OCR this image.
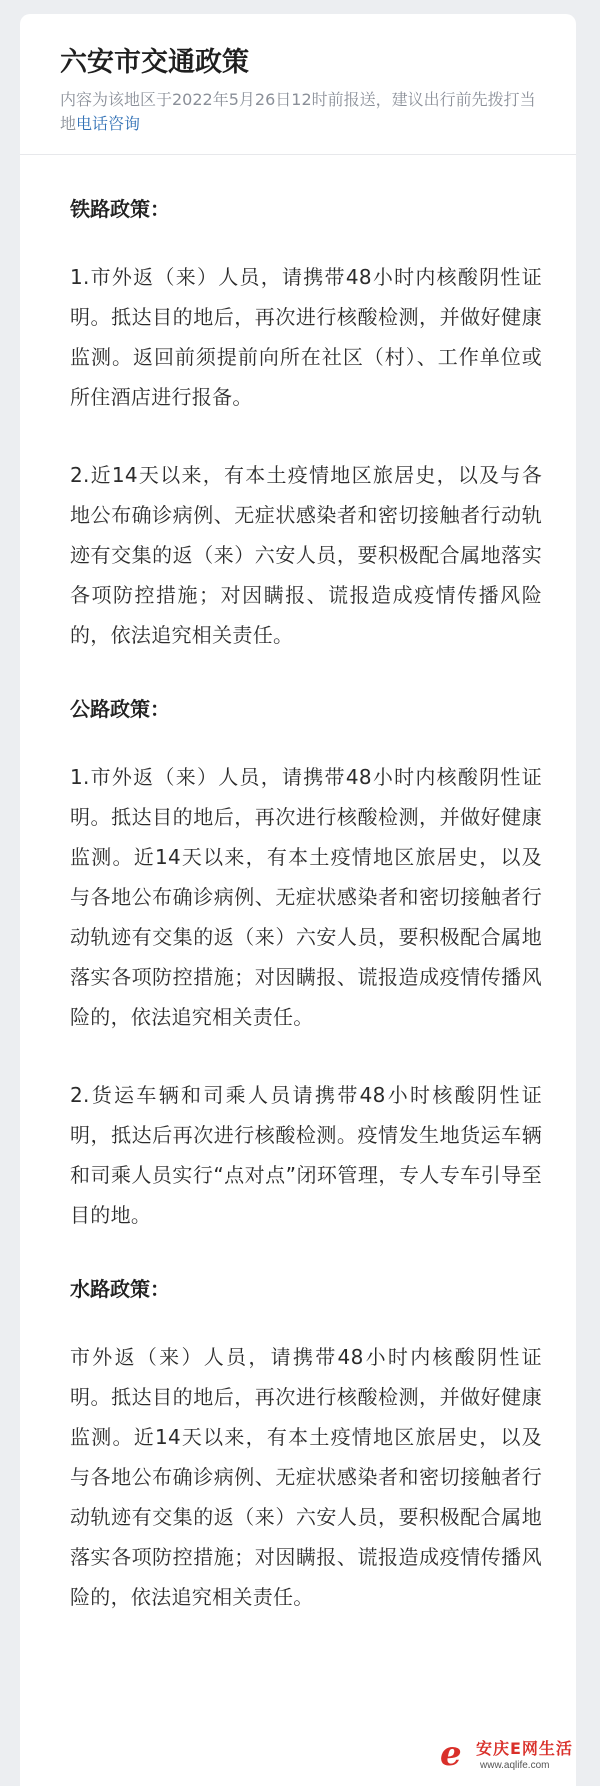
六安市交通政策
内容为该地区于2022年5月26日12时前报送，建议出行前先拨打当地电话咨询
铁路政策：

1.市外返（来）人员，请携带48小时内核酸阴性证明。抵达目的地后，再次进行核酸检测，并做好健康监测。返回前须提前向所在社区（村）、工作单位或所住酒店进行报备。

2.近14天以来，有本土疫情地区旅居史，以及与各地公布确诊病例、无症状感染者和密切接触者行动轨迹有交集的返（来）六安人员，要积极配合属地落实各项防控措施；对因瞒报、谎报造成疫情传播风险的，依法追究相关责任。

公路政策：

1.市外返（来）人员，请携带48小时内核酸阴性证明。抵达目的地后，再次进行核酸检测，并做好健康监测。近14天以来，有本土疫情地区旅居史，以及与各地公布确诊病例、无症状感染者和密切接触者行动轨迹有交集的返（来）六安人员，要积极配合属地落实各项防控措施；对因瞒报、谎报造成疫情传播风险的，依法追究相关责任。

2.货运车辆和司乘人员请携带48小时核酸阴性证明，抵达后再次进行核酸检测。疫情发生地货运车辆和司乘人员实行“点对点”闭环管理，专人专车引导至目的地。

水路政策：

市外返（来）人员，请携带48小时内核酸阴性证明。抵达目的地后，再次进行核酸检测，并做好健康监测。近14天以来，有本土疫情地区旅居史，以及与各地公布确诊病例、无症状感染者和密切接触者行动轨迹有交集的返（来）六安人员，要积极配合属地落实各项防控措施；对因瞒报、谎报造成疫情传播风险的，依法追究相关责任。

e 安庆E网生活
www.aqlife.com
